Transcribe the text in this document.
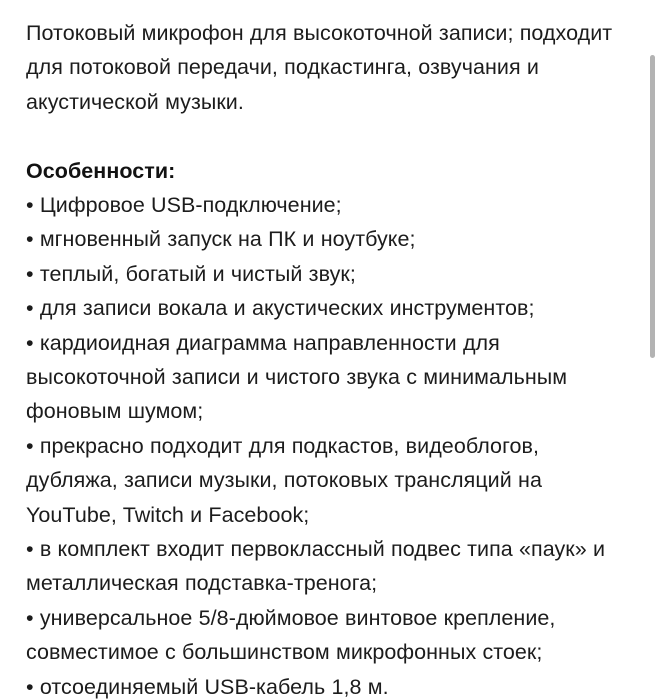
Потоковый микрофон для высокоточной записи; подходит для потоковой передачи, подкастинга, озвучания и акустической музыки.

Особенности:

• Цифровое USB-подключение;
• мгновенный запуск на ПК и ноутбуке;
• теплый, богатый и чистый звук;
• для записи вокала и акустических инструментов;
• кардиоидная диаграмма направленности для высокоточной записи и чистого звука с минимальным фоновым шумом;
• прекрасно подходит для подкастов, видеоблогов, дубляжа, записи музыки, потоковых трансляций на YouTube, Twitch и Facebook;
• в комплект входит первоклассный подвес типа «паук» и металлическая подставка-тренога;
• универсальное 5/8-дюймовое винтовое крепление, совместимое с большинством микрофонных стоек;
• отсоединяемый USB-кабель 1,8 м.
